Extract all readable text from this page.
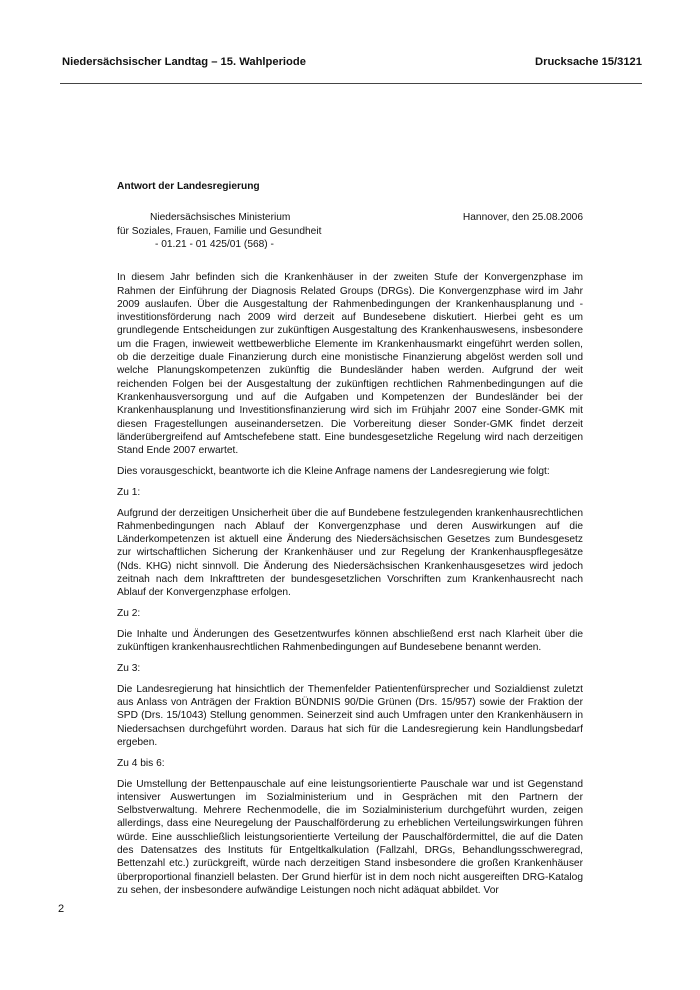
Niedersächsischer Landtag – 15. Wahlperiode	Drucksache 15/3121
Antwort der Landesregierung
Niedersächsisches Ministerium
für Soziales, Frauen, Familie und Gesundheit
- 01.21 - 01 425/01 (568) -
Hannover, den 25.08.2006

In diesem Jahr befinden sich die Krankenhäuser in der zweiten Stufe der Konvergenzphase im Rahmen der Einführung der Diagnosis Related Groups (DRGs). Die Konvergenzphase wird im Jahr 2009 auslaufen. Über die Ausgestaltung der Rahmenbedingungen der Krankenhausplanung und -investitionsförderung nach 2009 wird derzeit auf Bundesebene diskutiert. Hierbei geht es um grundlegende Entscheidungen zur zukünftigen Ausgestaltung des Krankenhauswesens, insbesondere um die Fragen, inwieweit wettbewerbliche Elemente im Krankenhausmarkt eingeführt werden sollen, ob die derzeitige duale Finanzierung durch eine monistische Finanzierung abgelöst werden soll und welche Planungskompetenzen zukünftig die Bundesländer haben werden. Aufgrund der weit reichenden Folgen bei der Ausgestaltung der zukünftigen rechtlichen Rahmenbedingungen auf die Krankenhausversorgung und auf die Aufgaben und Kompetenzen der Bundesländer bei der Krankenhausplanung und Investitionsfinanzierung wird sich im Frühjahr 2007 eine Sonder-GMK mit diesen Fragestellungen auseinandersetzen. Die Vorbereitung dieser Sonder-GMK findet derzeit länderübergreifend auf Amtschefebene statt. Eine bundesgesetzliche Regelung wird nach derzeitigen Stand Ende 2007 erwartet.

Dies vorausgeschickt, beantworte ich die Kleine Anfrage namens der Landesregierung wie folgt:

Zu 1:

Aufgrund der derzeitigen Unsicherheit über die auf Bundebene festzulegenden krankenhausrechtlichen Rahmenbedingungen nach Ablauf der Konvergenzphase und deren Auswirkungen auf die Länderkompetenzen ist aktuell eine Änderung des Niedersächsischen Gesetzes zum Bundesgesetz zur wirtschaftlichen Sicherung der Krankenhäuser und zur Regelung der Krankenhauspflegesätze (Nds. KHG) nicht sinnvoll. Die Änderung des Niedersächsischen Krankenhausgesetzes wird jedoch zeitnah nach dem Inkrafttreten der bundesgesetzlichen Vorschriften zum Krankenhausrecht nach Ablauf der Konvergenzphase erfolgen.

Zu 2:

Die Inhalte und Änderungen des Gesetzentwurfes können abschließend erst nach Klarheit über die zukünftigen krankenhausrechtlichen Rahmenbedingungen auf Bundesebene benannt werden.

Zu 3:

Die Landesregierung hat hinsichtlich der Themenfelder Patientenfürsprecher und Sozialdienst zuletzt aus Anlass von Anträgen der Fraktion BÜNDNIS 90/Die Grünen (Drs. 15/957) sowie der Fraktion der SPD (Drs. 15/1043) Stellung genommen. Seinerzeit sind auch Umfragen unter den Krankenhäusern in Niedersachsen durchgeführt worden. Daraus hat sich für die Landesregierung kein Handlungsbedarf ergeben.

Zu 4 bis 6:

Die Umstellung der Bettenpauschale auf eine leistungsorientierte Pauschale war und ist Gegenstand intensiver Auswertungen im Sozialministerium und in Gesprächen mit den Partnern der Selbstverwaltung. Mehrere Rechenmodelle, die im Sozialministerium durchgeführt wurden, zeigen allerdings, dass eine Neuregelung der Pauschalförderung zu erheblichen Verteilungswirkungen führen würde. Eine ausschließlich leistungsorientierte Verteilung der Pauschalfördermittel, die auf die Daten des Datensatzes des Instituts für Entgeltkalkulation (Fallzahl, DRGs, Behandlungsschweregrad, Bettenzahl etc.) zurückgreift, würde nach derzeitigen Stand insbesondere die großen Krankenhäuser überproportional finanziell belasten. Der Grund hierfür ist in dem noch nicht ausgereiften DRG-Katalog zu sehen, der insbesondere aufwändige Leistungen noch nicht adäquat abbildet. Vor

2
